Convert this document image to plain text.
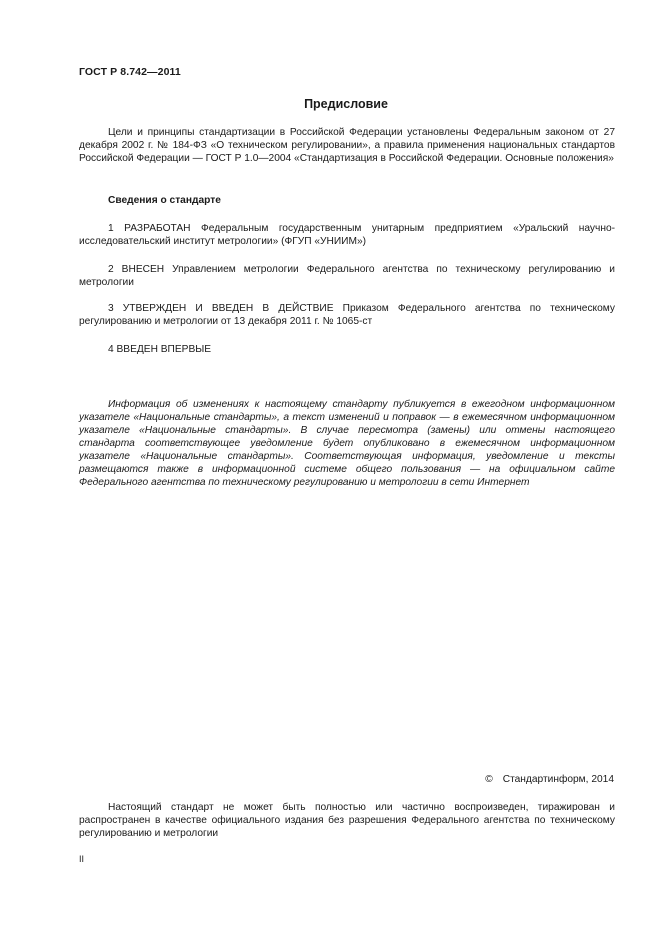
ГОСТ Р 8.742—2011
Предисловие

Цели и принципы стандартизации в Российской Федерации установлены Федеральным законом от 27 декабря 2002 г. № 184-ФЗ «О техническом регулировании», а правила применения национальных стандартов Российской Федерации — ГОСТ Р 1.0—2004 «Стандартизация в Российской Федерации. Основные положения»

Сведения о стандарте

1 РАЗРАБОТАН Федеральным государственным унитарным предприятием «Уральский научно-исследовательский институт метрологии» (ФГУП «УНИИМ»)

2 ВНЕСЕН Управлением метрологии Федерального агентства по техническому регулированию и метрологии

3 УТВЕРЖДЕН И ВВЕДЕН В ДЕЙСТВИЕ Приказом Федерального агентства по техническому регулированию и метрологии от 13 декабря 2011 г. № 1065-ст

4 ВВЕДЕН ВПЕРВЫЕ

Информация об изменениях к настоящему стандарту публикуется в ежегодном информационном указателе «Национальные стандарты», а текст изменений и поправок — в ежемесячном информационном указателе «Национальные стандарты». В случае пересмотра (замены) или отмены настоящего стандарта соответствующее уведомление будет опубликовано в ежемесячном информационном указателе «Национальные стандарты». Соответствующая информация, уведомление и тексты размещаются также в информационной системе общего пользования — на официальном сайте Федерального агентства по техническому регулированию и метрологии в сети Интернет

© Стандартинформ, 2014

Настоящий стандарт не может быть полностью или частично воспроизведен, тиражирован и распространен в качестве официального издания без разрешения Федерального агентства по техническому регулированию и метрологии

II
